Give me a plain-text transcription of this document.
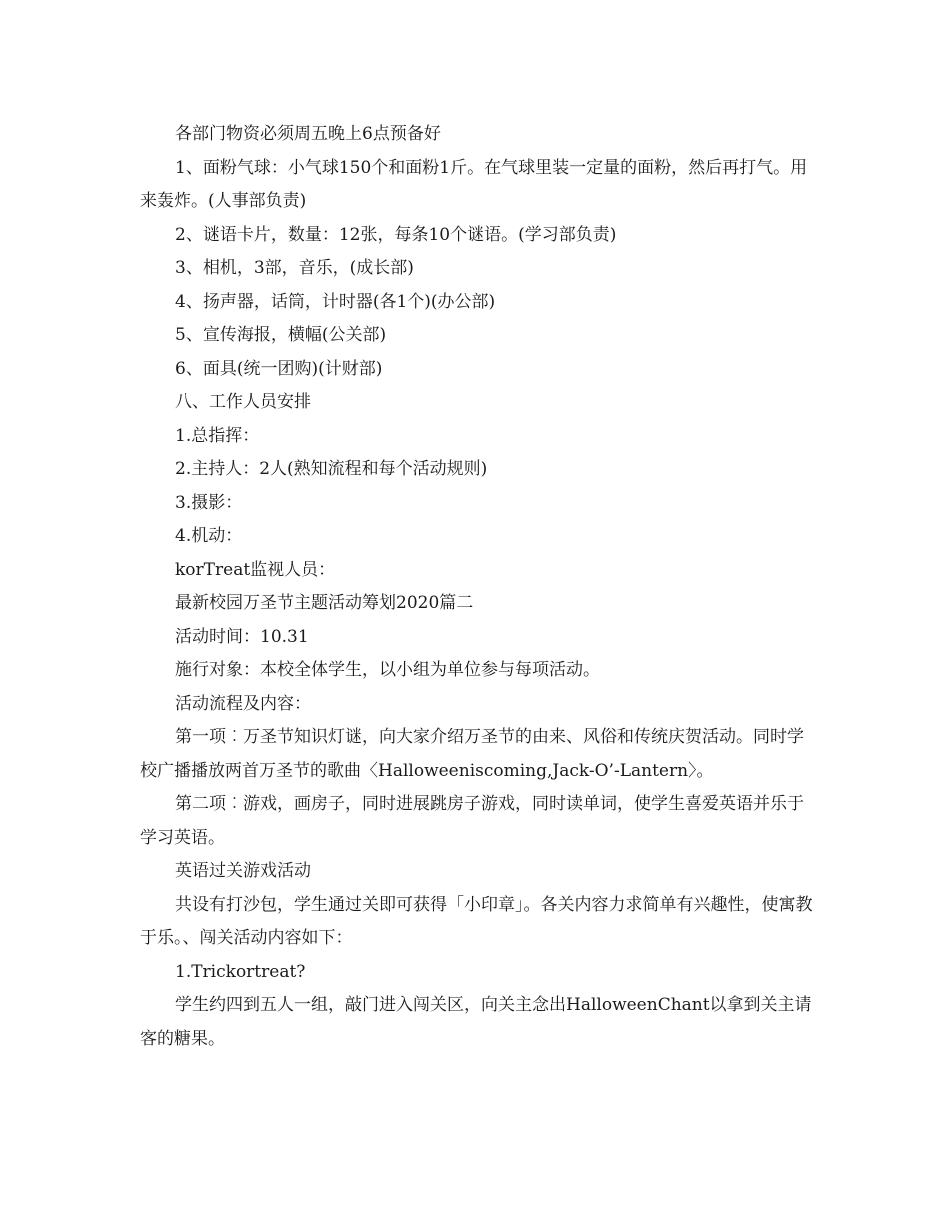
各部门物资必须周五晚上6点预备好

1、面粉气球：小气球150个和面粉1斤。在气球里装一定量的面粉，然后再打气。用来轰炸。(人事部负责)

2、谜语卡片，数量：12张，每条10个谜语。(学习部负责)

3、相机，3部，音乐，(成长部)

4、扬声器，话筒，计时器(各1个)(办公部)

5、宣传海报，横幅(公关部)

6、面具(统一团购)(计财部)

八、工作人员安排

1.总指挥：

2.主持人：2人(熟知流程和每个活动规则)

3.摄影：

4.机动：

korTreat监视人员：

最新校园万圣节主题活动筹划2020篇二

活动时间：10.31

施行对象：本校全体学生，以小组为单位参与每项活动。

活动流程及内容：

第一项︰万圣节知识灯谜，向大家介绍万圣节的由来、风俗和传统庆贺活动。同时学校广播播放两首万圣节的歌曲〈Halloweeniscoming,Jack-O’-Lantern〉。

第二项︰游戏，画房子，同时进展跳房子游戏，同时读单词，使学生喜爱英语并乐于学习英语。

英语过关游戏活动

共设有打沙包，学生通过关即可获得「小印章」。各关内容力求简单有兴趣性，使寓教于乐。、闯关活动内容如下：

1.Trickortreat?

学生约四到五人一组，敲门进入闯关区，向关主念出HalloweenChant以拿到关主请客的糖果。
